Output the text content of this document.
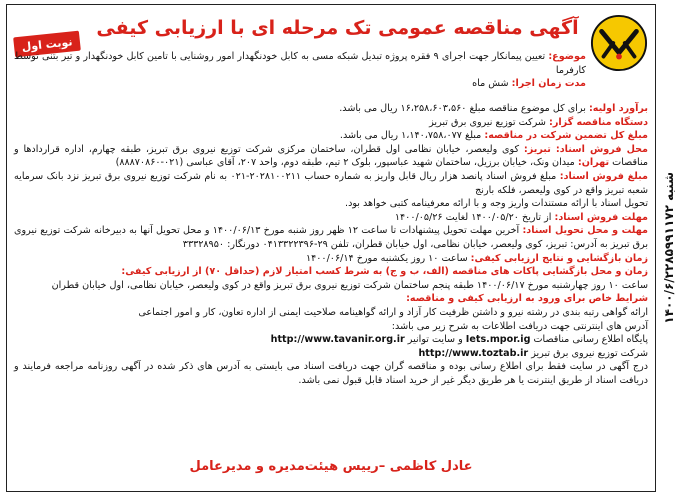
شنبه ۱۴۰۰/۶/۲۲۸۵۹۹۱۱۷۲
نوبت اول
آگهی مناقصه عمومی تک مرحله ای با ارزیابی کیفی

موضوع: تعیین پیمانکار جهت اجرای ۹ فقره پروژه تبدیل شبکه مسی به کابل خودنگهدار امور روشنایی با تامین کابل خودنگهدار و تیر بتنی توسط کارفرما

مدت زمان اجرا: شش ماه

برآورد اولیه: برای کل موضوع مناقصه مبلغ ۱۶،۲۵۸،۶۰۳،۵۶۰ ریال می باشد.

دستگاه مناقصه گزار: شرکت توزیع نیروی برق تبریز

مبلغ کل تضمین شرکت در مناقصه: مبلغ ۱،۱۴۰،۷۵۸،۰۷۷ ریال می باشد.

محل فروش اسناد: تبریز: کوی ولیعصر، خیابان نظامی اول قطران، ساختمان مرکزی شرکت توزیع نیروی برق تبریز، طبقه چهارم، اداره قراردادها و مناقصات تهران: میدان ونک، خیابان برزیل، ساختمان شهید عباسپور، بلوک ۲ تیم، طبقه دوم، واحد ۲۰۷، آقای عباسی (۰۲۱-۸۸۸۷۰۸۶۰)

مبلغ فروش اسناد: مبلغ فروش اسناد پانصد هزار ریال قابل واریز به شماره حساب ۲۰۲۸۱۰۰۲۱۱-۰۲۱ به نام شرکت توزیع نیروی برق تبریز نزد بانک سرمایه شعبه تبریز واقع در کوی ولیعصر، فلکه بارنج

تحویل اسناد با ارائه مستندات واریز وجه و با ارائه معرفینامه کتبی خواهد بود.

مهلت فروش اسناد: از تاریخ ۱۴۰۰/۰۵/۲۰ لغایت ۱۴۰۰/۰۵/۲۶

مهلت و محل تحویل اسناد: آخرین مهلت تحویل پیشنهادات تا ساعت ۱۲ ظهر روز شنبه مورخ ۱۴۰۰/۰۶/۱۳ و محل تحویل آنها به دبیرخانه شرکت توزیع نیروی برق تبریز به آدرس: تبریز، کوی ولیعصر، خیابان نظامی، اول خیابان قطران، تلفن ۲۹-۰۴۱۳۳۲۲۳۹۶ دورنگار: ۳۳۳۲۸۹۵۰

زمان بازگشایی و نتایج ارزیابی کیفی: ساعت ۱۰ روز یکشنبه مورخ ۱۴۰۰/۰۶/۱۴

زمان و محل بازگشایی پاکات های مناقصه (الف، ب و ج) به شرط کسب امتیاز لازم (حداقل ۷۰) از ارزیابی کیفی:

ساعت ۱۰ روز چهارشنبه مورخ ۱۴۰۰/۰۶/۱۷ طبقه پنجم ساختمان شرکت توزیع نیروی برق تبریز واقع در کوی ولیعصر، خیابان نظامی، اول خیابان قطران

شرایط خاص برای ورود به ارزیابی کیفی و مناقصه:

ارائه گواهی رتبه بندی در رشته نیرو و داشتن ظرفیت کار آزاد و ارائه گواهینامه صلاحیت ایمنی از اداره تعاون، کار و امور اجتماعی

آدرس های اینترنتی جهت دریافت اطلاعات به شرح زیر می باشد:

پایگاه اطلاع رسانی مناقصات Iets.mpor.ig و سایت توانیر http://www.tavanir.org.ir

شرکت توزیع نیروی برق تبریز http://www.toztab.ir

درج آگهی در سایت فقط برای اطلاع رسانی بوده و مناقصه گران جهت دریافت اسناد می بایستی به آدرس های ذکر شده در آگهی روزنامه مراجعه فرمایند و دریافت اسناد از طریق اینترنت یا هر طریق دیگر غیر از خرید اسناد قابل قبول نمی باشد.

عادل کاظمی –رییس هیئت‌مدیره و مدیرعامل
